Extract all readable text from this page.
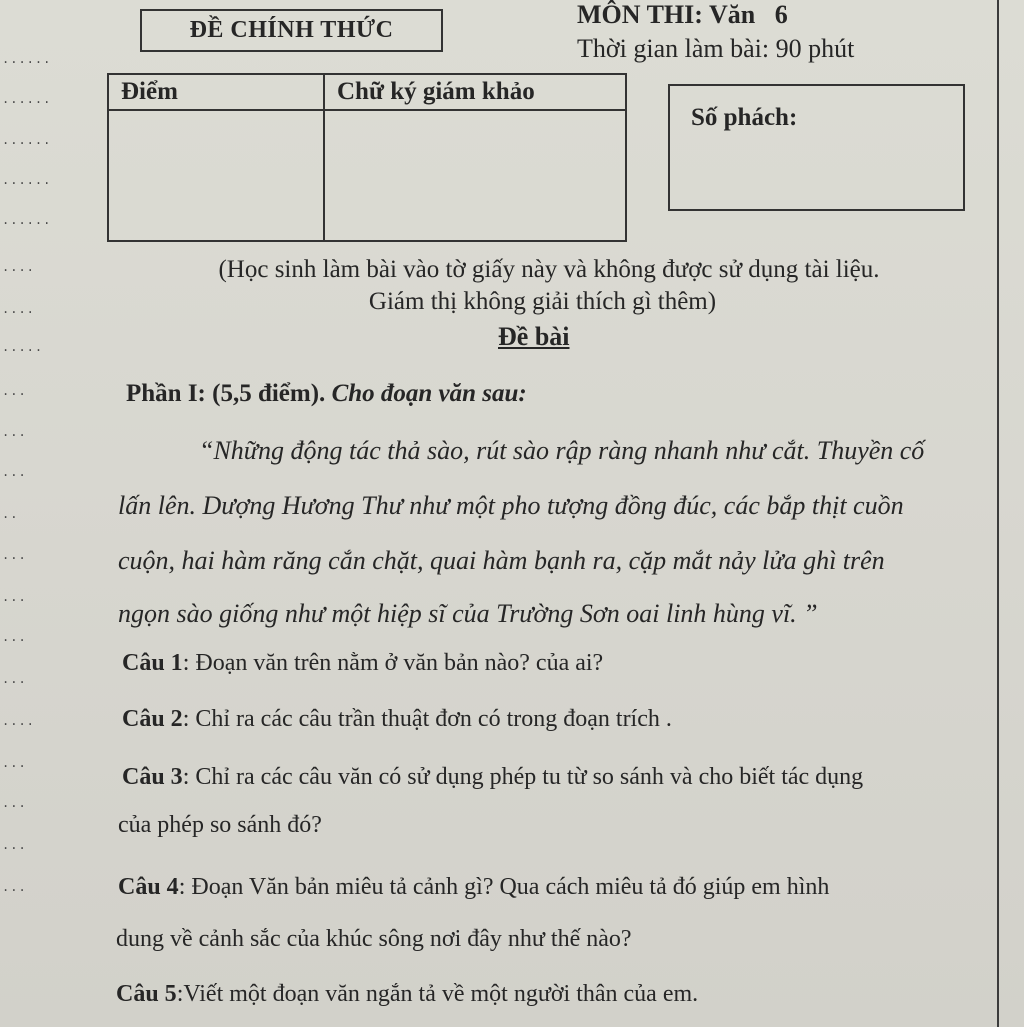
......
......
......
......
......
....
....
.....
...
...
...
..
...
...
...
...
....
...
...
...
...
ĐỀ CHÍNH THỨC
MÔN THI: Văn   6
Thời gian làm bài: 90 phút
Điểm	Chữ ký giám khảo

Số phách:
(Học sinh làm bài vào tờ giấy này và không được sử dụng tài liệu.
Giám thị không giải thích gì thêm)
Đề bài
Phần I: (5,5 điểm). Cho đoạn văn sau:
“Những động tác thả sào, rút sào rập ràng nhanh như cắt. Thuyền cố
lấn lên. Dượng Hương Thư như một pho tượng đồng đúc, các bắp thịt cuồn
cuộn, hai hàm răng cắn chặt, quai hàm bạnh ra, cặp mắt nảy lửa ghì trên
ngọn sào giống như một hiệp sĩ của Trường Sơn oai linh hùng vĩ. ”
Câu 1: Đoạn văn trên nằm ở văn bản nào? của ai?
Câu 2: Chỉ ra các câu trần thuật đơn có trong đoạn trích .
Câu 3: Chỉ ra các câu văn có sử dụng phép tu từ so sánh và cho biết tác dụng
của phép so sánh đó?
Câu 4: Đoạn Văn bản miêu tả cảnh gì? Qua cách miêu tả đó giúp em hình
dung về cảnh sắc của khúc sông nơi đây như thế nào?
Câu 5:Viết một đoạn văn ngắn tả về một người thân của em.
